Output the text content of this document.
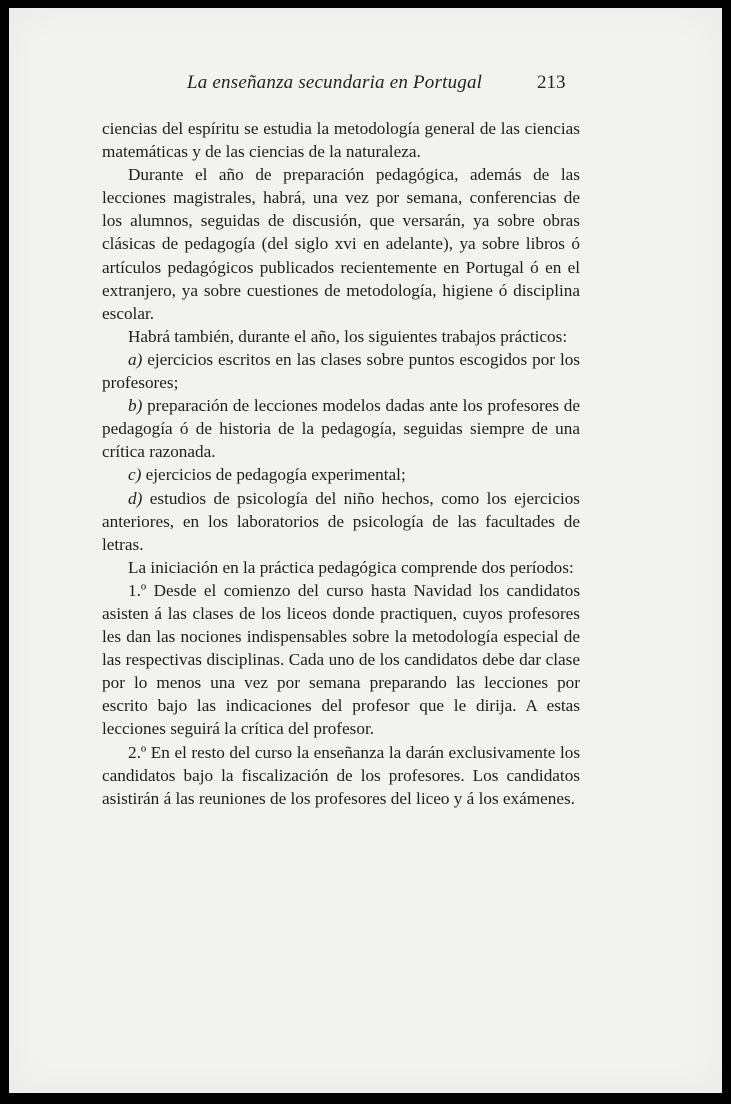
La enseñanza secundaria en Portugal	213

ciencias del espíritu se estudia la metodología general de las ciencias matemáticas y de las ciencias de la naturaleza.

Durante el año de preparación pedagógica, además de las lecciones magistrales, habrá, una vez por semana, conferencias de los alumnos, seguidas de discusión, que versarán, ya sobre obras clásicas de pedagogía (del siglo xvi en adelante), ya sobre libros ó artículos pedagógicos publicados recientemente en Portugal ó en el extranjero, ya sobre cuestiones de metodología, higiene ó disciplina escolar.

Habrá también, durante el año, los siguientes trabajos prácticos:

a) ejercicios escritos en las clases sobre puntos escogidos por los profesores;

b) preparación de lecciones modelos dadas ante los profesores de pedagogía ó de historia de la pedagogía, seguidas siempre de una crítica razonada.

c) ejercicios de pedagogía experimental;

d) estudios de psicología del niño hechos, como los ejercicios anteriores, en los laboratorios de psicología de las facultades de letras.

La iniciación en la práctica pedagógica comprende dos períodos:

1.º Desde el comienzo del curso hasta Navidad los candidatos asisten á las clases de los liceos donde practiquen, cuyos profesores les dan las nociones indispensables sobre la metodología especial de las respectivas disciplinas. Cada uno de los candidatos debe dar clase por lo menos una vez por semana preparando las lecciones por escrito bajo las indicaciones del profesor que le dirija. A estas lecciones seguirá la crítica del profesor.

2.º En el resto del curso la enseñanza la darán exclusivamente los candidatos bajo la fiscalización de los profesores. Los candidatos asistirán á las reuniones de los profesores del liceo y á los exámenes.
